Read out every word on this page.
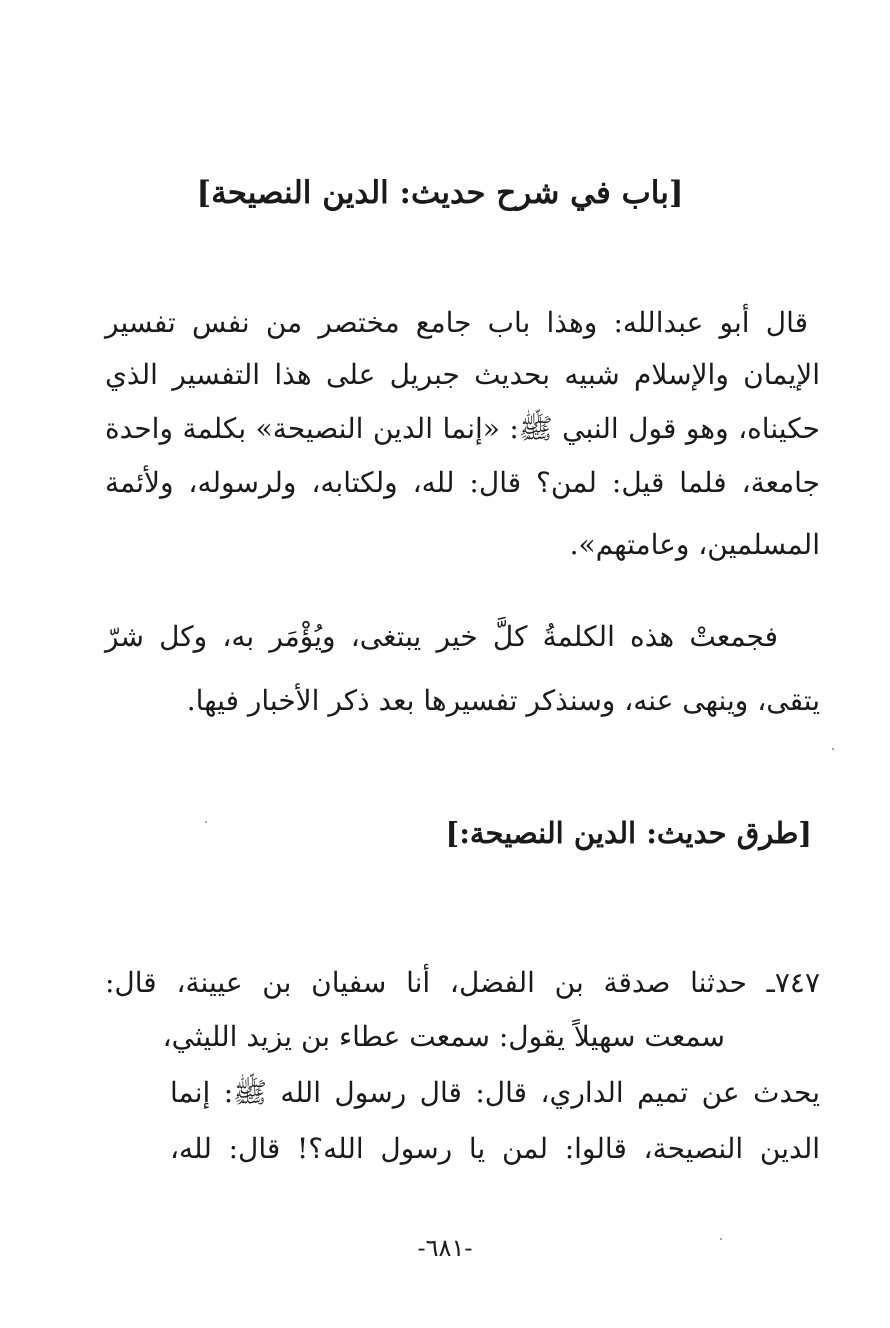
[باب في شرح حديث: الدين النصيحة]
قال أبو عبدالله: وهذا باب جامع مختصر من نفس تفسير
الإيمان والإسلام شبيه بحديث جبريل على هذا التفسير الذي
حكيناه، وهو قول النبي ﷺ: «إنما الدين النصيحة» بكلمة واحدة
جامعة، فلما قيل: لمن؟ قال: لله، ولكتابه، ولرسوله، ولأئمة
المسلمين، وعامتهم».
فجمعتْ هذه الكلمةُ كلَّ خير يبتغى، ويُؤْمَر به، وكل شرّ
يتقى، وينهى عنه، وسنذكر تفسيرها بعد ذكر الأخبار فيها.
[طرق حديث: الدين النصيحة:]
٧٤٧ـ حدثنا صدقة بن الفضل، أنا سفيان بن عيينة، قال:
سمعت سهيلاً يقول: سمعت عطاء بن يزيد الليثي،
يحدث عن تميم الداري، قال: قال رسول الله ﷺ: إنما
الدين النصيحة، قالوا: لمن يا رسول الله؟! قال: لله،
-٦٨١-
